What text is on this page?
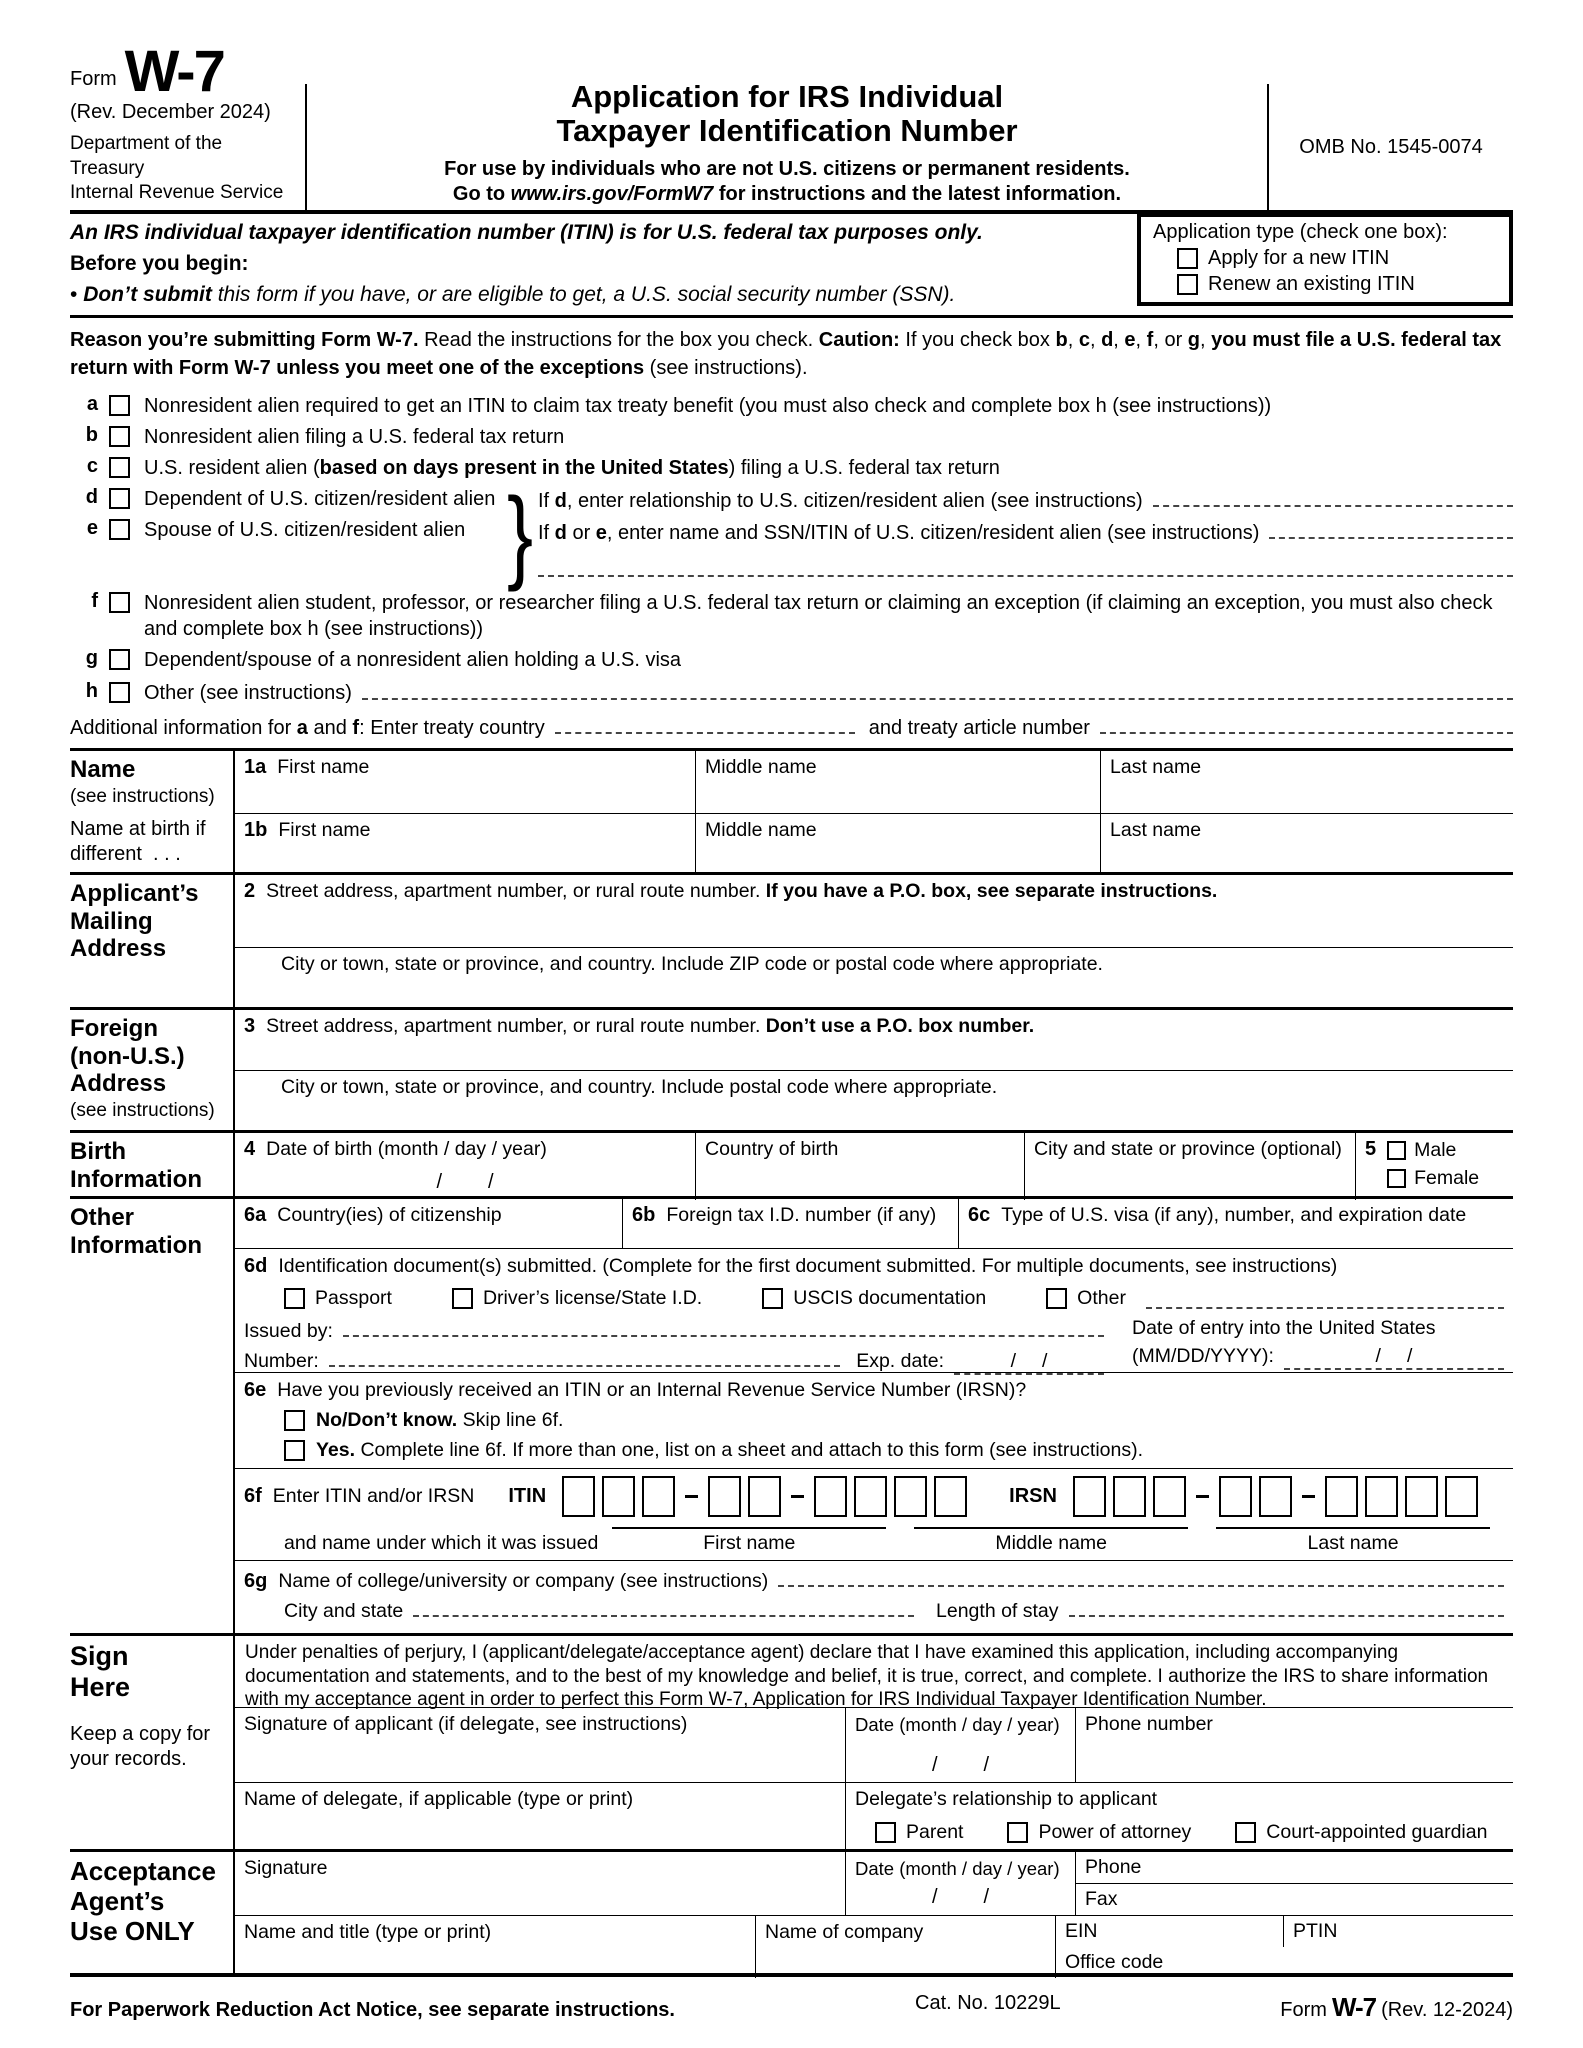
Form W-7
(Rev. December 2024)
Department of the Treasury
Internal Revenue Service
Application for IRS Individual
Taxpayer Identification Number
For use by individuals who are not U.S. citizens or permanent residents.
Go to www.irs.gov/FormW7 for instructions and the latest information.
OMB No. 1545-0074
An IRS individual taxpayer identification number (ITIN) is for U.S. federal tax purposes only.
Before you begin:
• Don’t submit this form if you have, or are eligible to get, a U.S. social security number (SSN).
Application type (check one box):
Apply for a new ITIN
Renew an existing ITIN
Reason you’re submitting Form W-7. Read the instructions for the box you check. Caution: If you check box b, c, d, e, f, or g, you must file a U.S. federal tax return with Form W-7 unless you meet one of the exceptions (see instructions).
a Nonresident alien required to get an ITIN to claim tax treaty benefit (you must also check and complete box h (see instructions))
b Nonresident alien filing a U.S. federal tax return
c U.S. resident alien (based on days present in the United States) filing a U.S. federal tax return
d Dependent of U.S. citizen/resident alien
e Spouse of U.S. citizen/resident alien } If d, enter relationship to U.S. citizen/resident alien (see instructions)
If d or e, enter name and SSN/ITIN of U.S. citizen/resident alien (see instructions)
f Nonresident alien student, professor, or researcher filing a U.S. federal tax return or claiming an exception (if claiming an exception, you must also check and complete box h (see instructions))
g Dependent/spouse of a nonresident alien holding a U.S. visa
h Other (see instructions)
Additional information for a and f: Enter treaty country	and treaty article number
Name
(see instructions)
Name at birth if
different . . .
1a First name	Middle name	Last name
1b First name	Middle name	Last name
Applicant’s
Mailing
Address
2 Street address, apartment number, or rural route number. If you have a P.O. box, see separate instructions.
City or town, state or province, and country. Include ZIP code or postal code where appropriate.
Foreign
(non-U.S.)
Address
(see instructions)
3 Street address, apartment number, or rural route number. Don’t use a P.O. box number.
City or town, state or province, and country. Include postal code where appropriate.
Birth
Information
4 Date of birth (month / day / year)
/ /
Country of birth	City and state or province (optional) 5 Male
Female
Other
Information
6a Country(ies) of citizenship	6b Foreign tax I.D. number (if any) 6c Type of U.S. visa (if any), number, and expiration date
6d Identification document(s) submitted. (Complete for the first document submitted. For multiple documents, see instructions)
Passport	Driver’s license/State I.D.	USCIS documentation	Other
Issued by:
Number:	Exp. date:	/ /
Date of entry into the United States
(MM/DD/YYYY):	/ /
6e Have you previously received an ITIN or an Internal Revenue Service Number (IRSN)?
No/Don’t know. Skip line 6f.
Yes. Complete line 6f. If more than one, list on a sheet and attach to this form (see instructions).
6f Enter ITIN and/or IRSN ITIN	IRSN
and name under which it was issued	First name	Middle name	Last name
6g Name of college/university or company (see instructions)
City and state	Length of stay
Sign
Here
Keep a copy for
your records.
Under penalties of perjury, I (applicant/delegate/acceptance agent) declare that I have examined this application, including accompanying documentation and statements, and to the best of my knowledge and belief, it is true, correct, and complete. I authorize the IRS to share information with my acceptance agent in order to perfect this Form W-7, Application for IRS Individual Taxpayer Identification Number.
Signature of applicant (if delegate, see instructions)	Date (month / day / year)
/ /
Phone number
Name of delegate, if applicable (type or print)	Delegate’s relationship to applicant
Parent	Power of attorney	Court-appointed guardian
Acceptance
Agent’s
Use ONLY
Signature	Date (month / day / year)
/ /
Phone
Fax
Name and title (type or print)	Name of company	EIN	PTIN
Office code
For Paperwork Reduction Act Notice, see separate instructions.	Cat. No. 10229L	Form W-7 (Rev. 12-2024)
